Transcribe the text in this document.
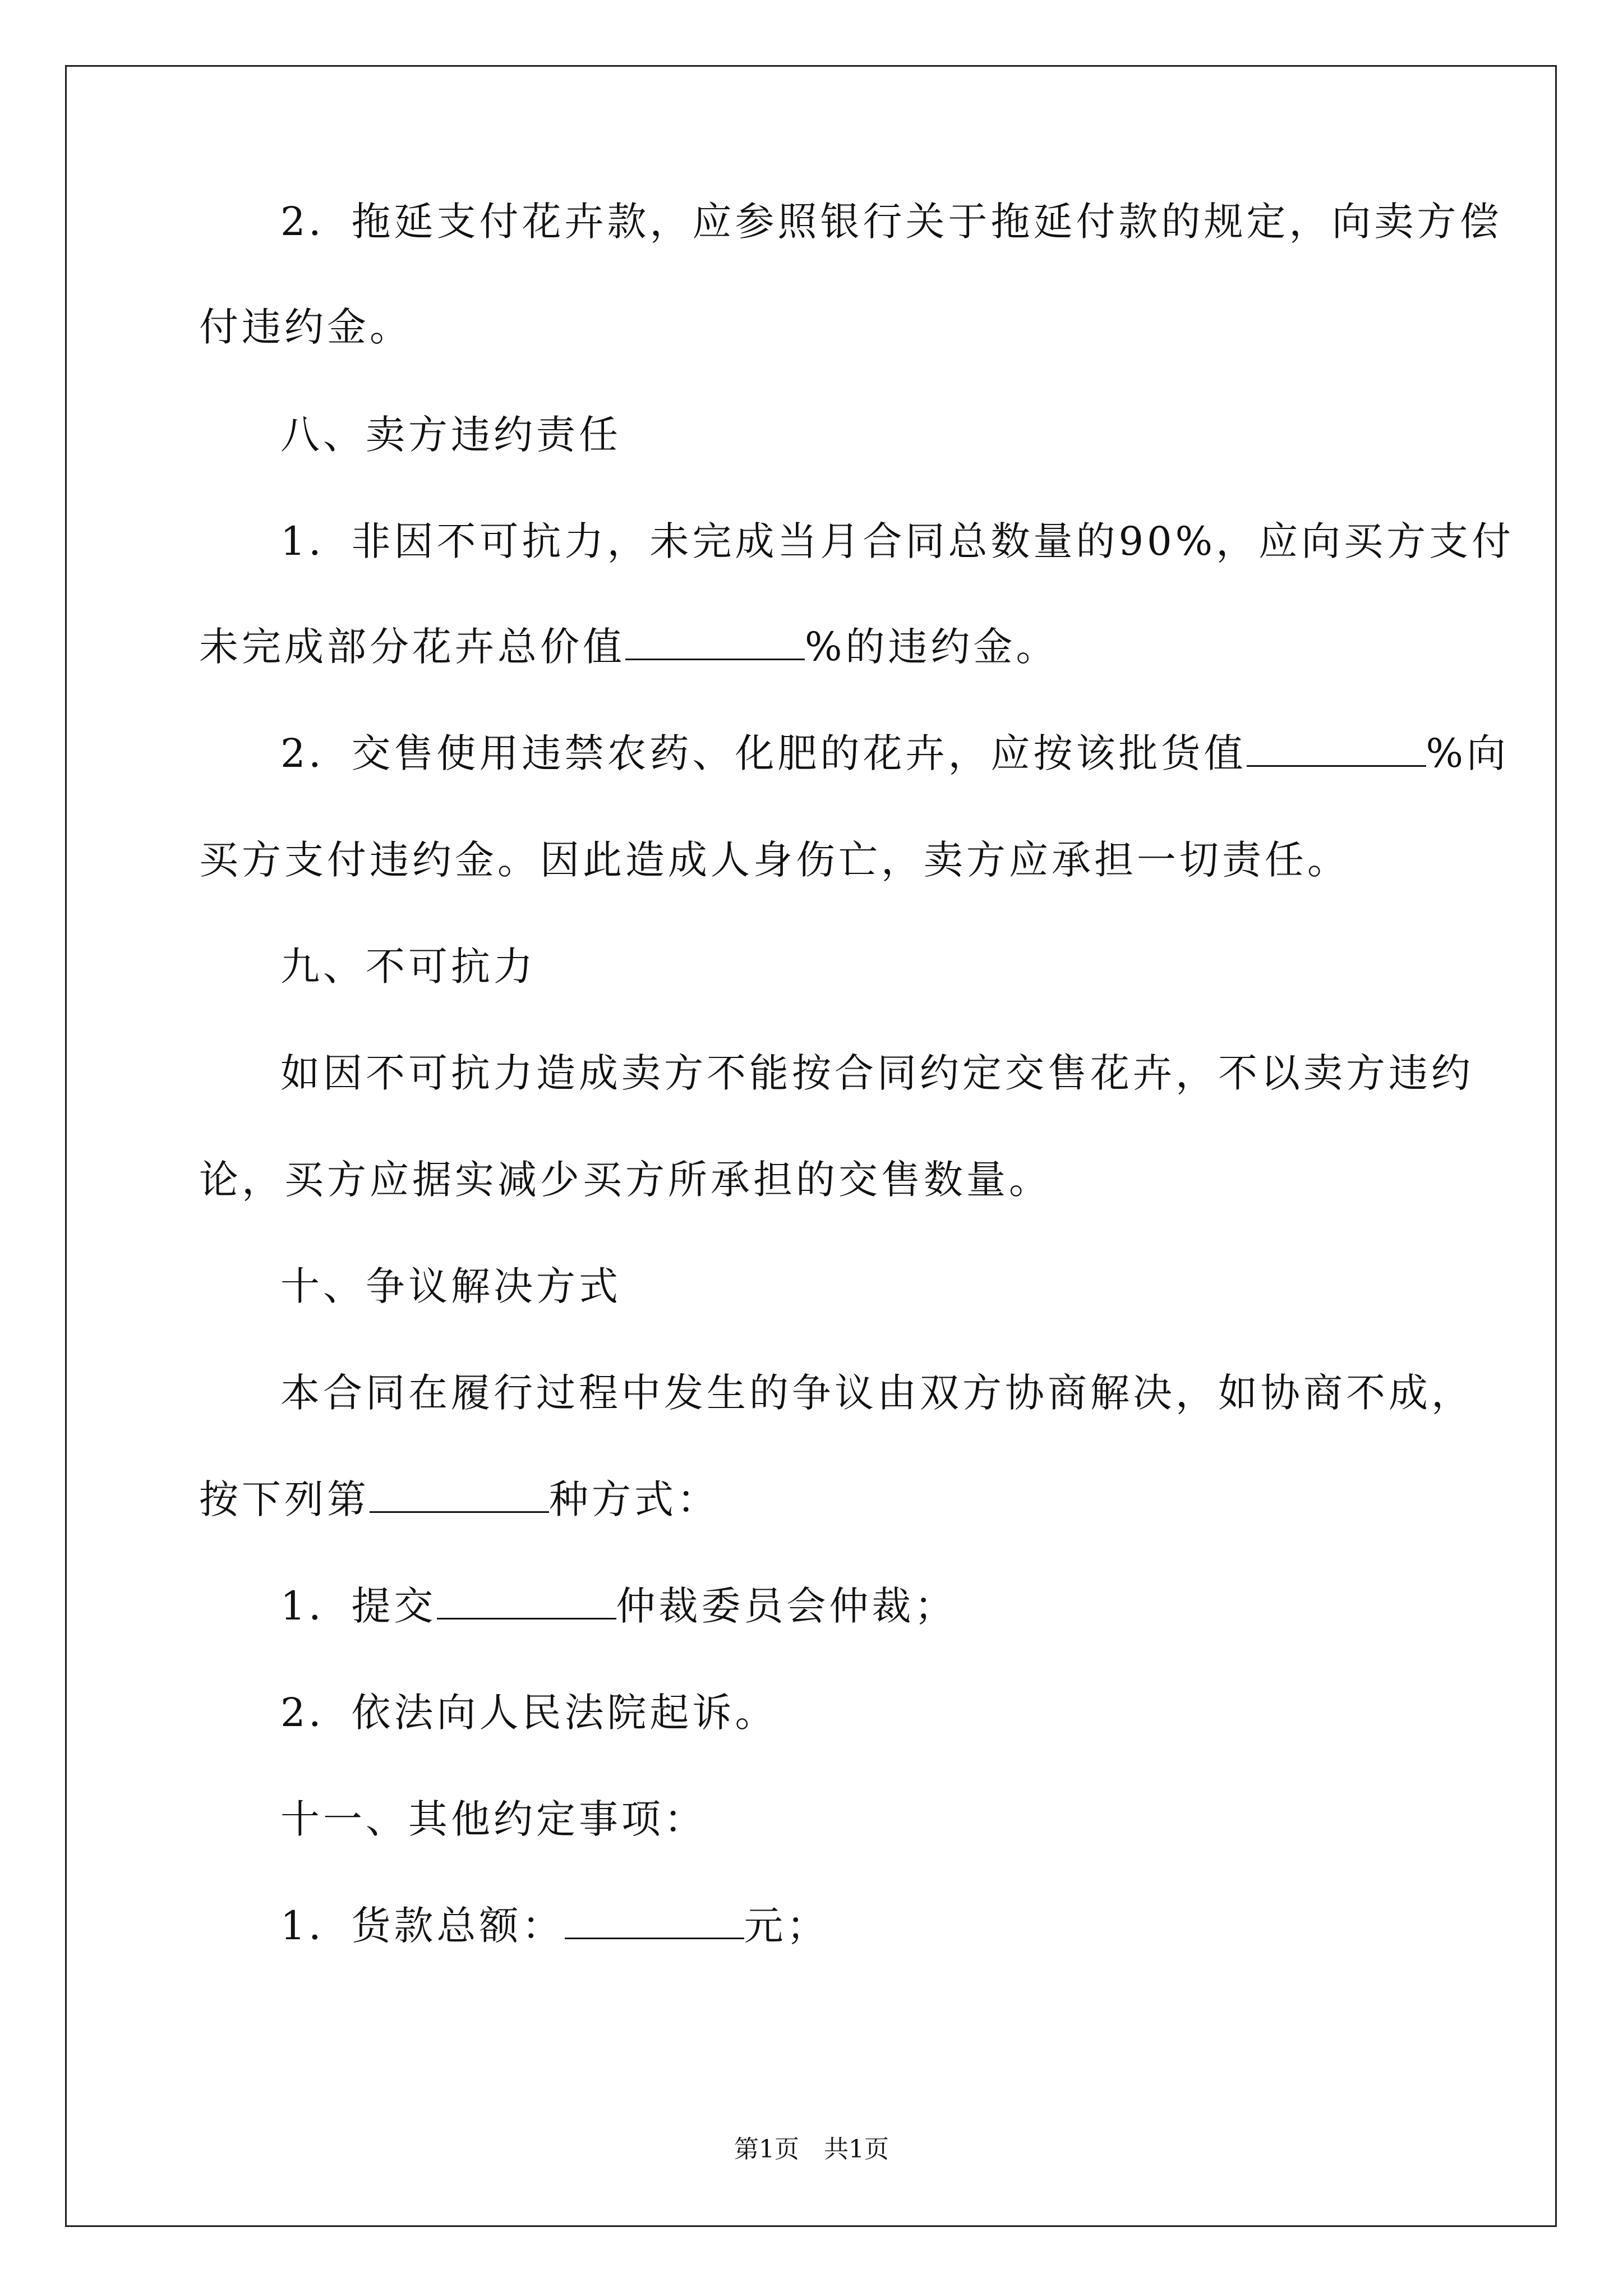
2．拖延支付花卉款，应参照银行关于拖延付款的规定，向卖方偿
付违约金。
八、卖方违约责任
1．非因不可抗力，未完成当月合同总数量的90%，应向买方支付
未完成部分花卉总价值	%的违约金。
2．交售使用违禁农药、化肥的花卉，应按该批货值	%向
买方支付违约金。因此造成人身伤亡，卖方应承担一切责任。
九、不可抗力
如因不可抗力造成卖方不能按合同约定交售花卉，不以卖方违约
论，买方应据实减少买方所承担的交售数量。
十、争议解决方式
本合同在履行过程中发生的争议由双方协商解决，如协商不成，
按下列第	种方式：
1．提交	仲裁委员会仲裁；
2．依法向人民法院起诉。
十一、其他约定事项：
1．货款总额：	元；
第1页　共1页
